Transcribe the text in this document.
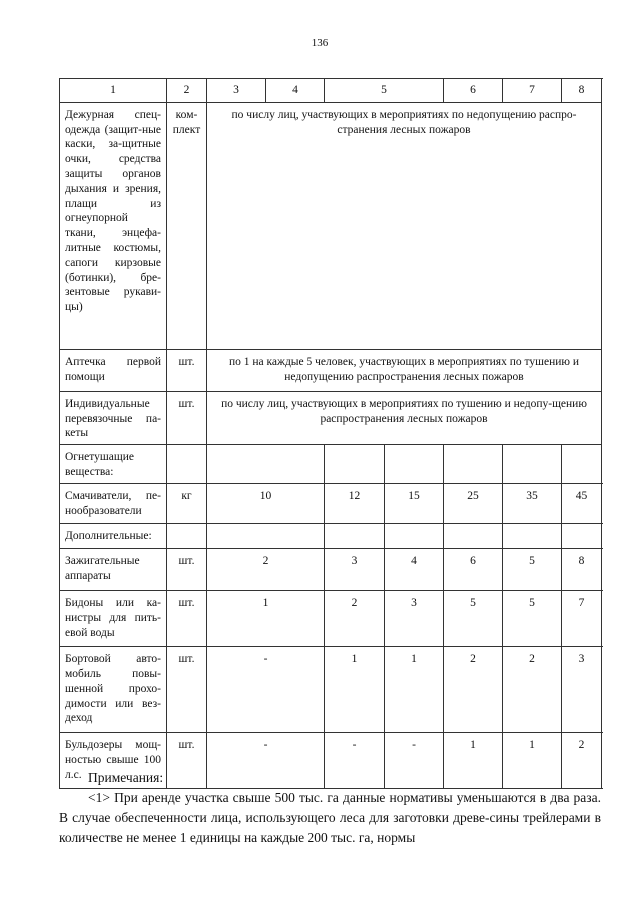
136
1	2	3	4	5		6	7	8
Дежурная спец-одежда (защит-ные каски, за-щитные очки, средства защиты органов дыхания и зрения, плащи из огнеупорной ткани, энцефа-литные костюмы, сапоги кирзовые (ботинки), бре-зентовые рукави-цы)	ком-плект	по числу лиц, участвующих в мероприятиях по недопущению распро-странения лесных пожаров						
Аптечка первой помощи	шт.	по 1 на каждые 5 человек, участвующих в мероприятиях по тушению и недопущению распространения лесных пожаров						
Индивидуальные перевязочные па-кеты	шт.	по числу лиц, участвующих в мероприятиях по тушению и недопу-щению распространения лесных пожаров						
Огнетушащие вещества:								
Смачиватели, пе-нообразователи	кг	10		12	15	25	35	45
Дополнительные:								
Зажигательные аппараты	шт.	2		3	4	6	5	8
Бидоны или ка-нистры для пить-евой воды	шт.	1		2	3	5	5	7
Бортовой авто-мобиль повы-шенной прохо-димости или вез-деход	шт.	-		1	1	2	2	3
Бульдозеры мощ-ностью свыше 100 л.с.	шт.	-		-	-	1	1	2

Примечания:

<1> При аренде участка свыше 500 тыс. га данные нормативы уменьшаются в два раза. В случае обеспеченности лица, использующего леса для заготовки древе-сины трейлерами в количестве не менее 1 единицы на каждые 200 тыс. га, нормы
